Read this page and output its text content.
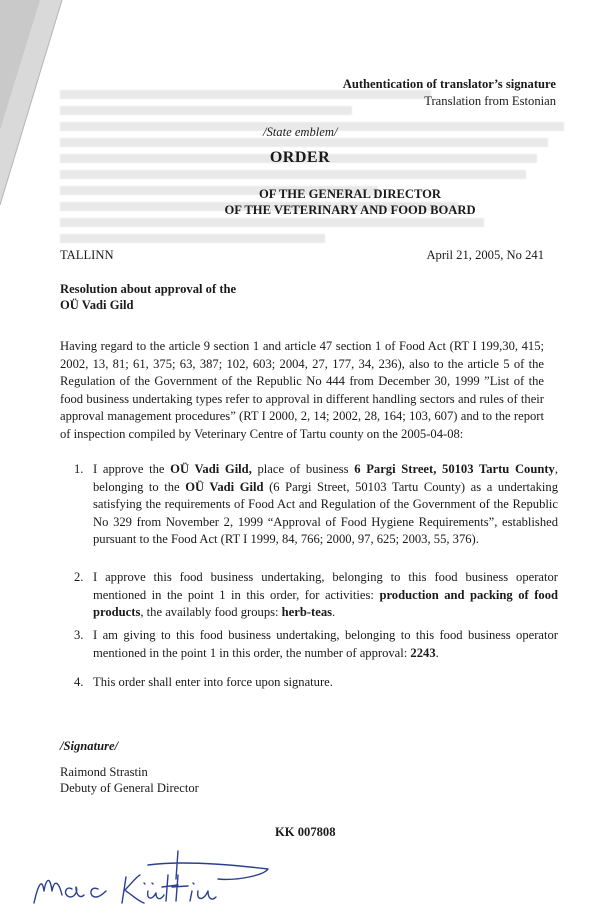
Authentication of translator’s signature
Translation from Estonian
/State emblem/
ORDER
OF THE GENERAL DIRECTOR
OF THE VETERINARY AND FOOD BOARD
TALLINN	April 21, 2005, No 241
Resolution about approval of the
OÜ Vadi Gild
Having regard to the article 9 section 1 and article 47 section 1 of Food Act (RT I 199,30, 415; 2002, 13, 81; 61, 375; 63, 387; 102, 603; 2004, 27, 177, 34, 236), also to the article 5 of the Regulation of the Government of the Republic No 444 from December 30, 1999 ”List of the food business undertaking types refer to approval in different handling sectors and rules of their approval management procedures” (RT I 2000, 2, 14; 2002, 28, 164; 103, 607) and to the report of inspection compiled by Veterinary Centre of Tartu county on the 2005-04-08:
1. I approve the OÜ Vadi Gild, place of business 6 Pargi Street, 50103 Tartu County, belonging to the OÜ Vadi Gild (6 Pargi Street, 50103 Tartu County) as a undertaking satisfying the requirements of Food Act and Regulation of the Government of the Republic No 329 from November 2, 1999 “Approval of Food Hygiene Requirements”, established pursuant to the Food Act (RT I 1999, 84, 766; 2000, 97, 625; 2003, 55, 376).
2. I approve this food business undertaking, belonging to this food business operator mentioned in the point 1 in this order, for activities: production and packing of food products, the availably food groups: herb-teas.
3. I am giving to this food business undertaking, belonging to this food business operator mentioned in the point 1 in this order, the number of approval: 2243.
4. This order shall enter into force upon signature.
/Signature/
Raimond Strastin
Debuty of General Director
KK 007808
